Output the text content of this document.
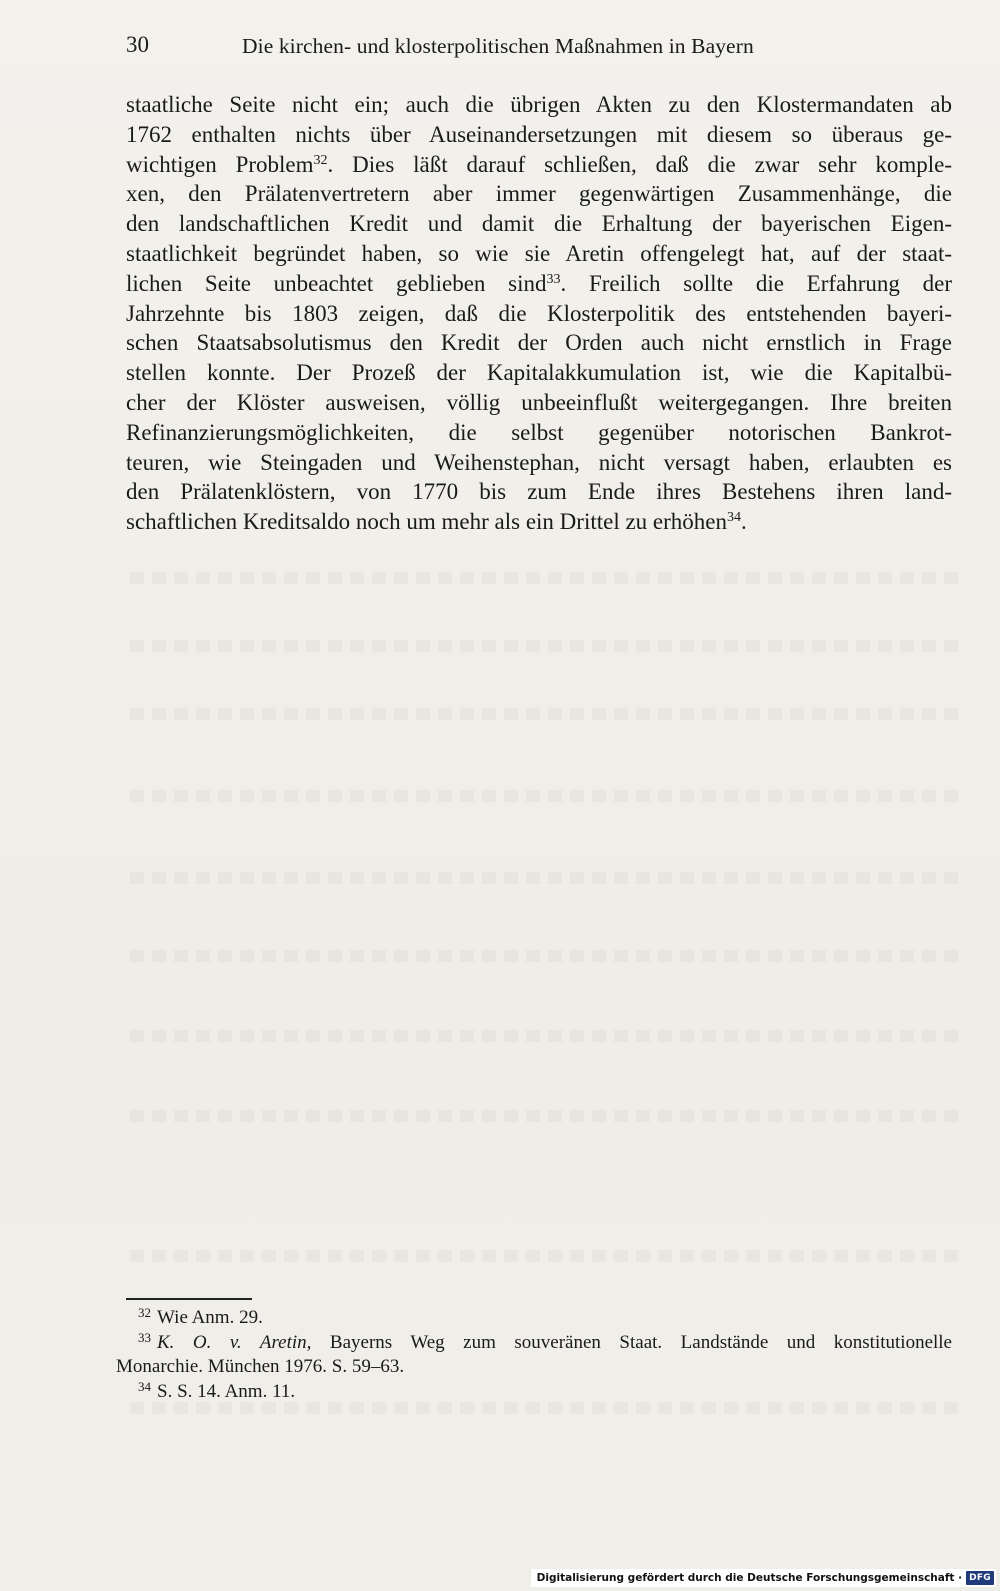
30	Die kirchen- und klosterpolitischen Maßnahmen in Bayern
staatliche Seite nicht ein; auch die übrigen Akten zu den Klostermandaten ab
1762 enthalten nichts über Auseinandersetzungen mit diesem so überaus ge-
wichtigen Problem$^{32}$. Dies läßt darauf schließen, daß die zwar sehr komple-
xen, den Prälatenvertretern aber immer gegenwärtigen Zusammenhänge, die
den landschaftlichen Kredit und damit die Erhaltung der bayerischen Eigen-
staatlichkeit begründet haben, so wie sie Aretin offengelegt hat, auf der staat-
lichen Seite unbeachtet geblieben sind$^{33}$. Freilich sollte die Erfahrung der
Jahrzehnte bis 1803 zeigen, daß die Klosterpolitik des entstehenden bayeri-
schen Staatsabsolutismus den Kredit der Orden auch nicht ernstlich in Frage
stellen konnte. Der Prozeß der Kapitalakkumulation ist, wie die Kapitalbü-
cher der Klöster ausweisen, völlig unbeeinflußt weitergegangen. Ihre breiten
Refinanzierungsmöglichkeiten, die selbst gegenüber notorischen Bankrot-
teuren, wie Steingaden und Weihenstephan, nicht versagt haben, erlaubten es
den Prälatenklöstern, von 1770 bis zum Ende ihres Bestehens ihren land-
schaftlichen Kreditsaldo noch um mehr als ein Drittel zu erhöhen$^{34}$.
$^{32}$ Wie Anm. 29.
$^{33}$ K. O. v. Aretin, Bayerns Weg zum souveränen Staat. Landstände und konstitutionelle
Monarchie. München 1976. S. 59–63.
$^{34}$ S. S. 14. Anm. 11.
Digitalisierung gefördert durch die Deutsche Forschungsgemeinschaft · DFG
